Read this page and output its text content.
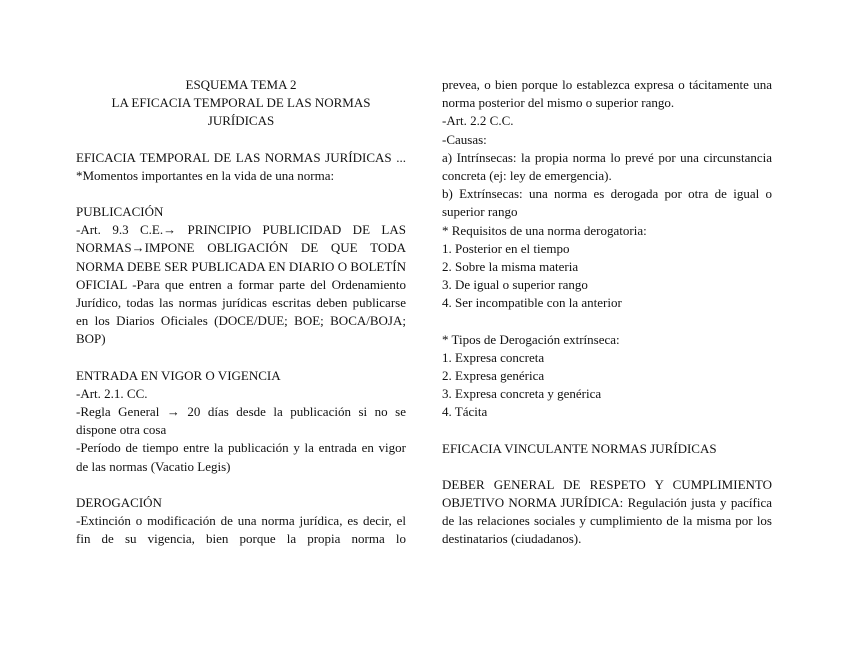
ESQUEMA TEMA 2

LA EFICACIA TEMPORAL DE LAS NORMAS

JURÍDICAS

EFICACIA TEMPORAL DE LAS NORMAS JURÍDICAS ... *Momentos importantes en la vida de una norma:

PUBLICACIÓN

-Art. 9.3 C.E.→ PRINCIPIO PUBLICIDAD DE LAS NORMAS→IMPONE OBLIGACIÓN DE QUE TODA NORMA DEBE SER PUBLICADA EN DIARIO O BOLETÍN OFICIAL -Para que entren a formar parte del Ordenamiento Jurídico, todas las normas jurídicas escritas deben publicarse en los Diarios Oficiales (DOCE/DUE; BOE; BOCA/BOJA; BOP)

ENTRADA EN VIGOR O VIGENCIA

-Art. 2.1. CC.

-Regla General → 20 días desde la publicación si no se dispone otra cosa

-Período de tiempo entre la publicación y la entrada en vigor de las normas (Vacatio Legis)

DEROGACIÓN

-Extinción o modificación de una norma jurídica, es decir, el fin de su vigencia, bien porque la propia norma lo

prevea, o bien porque lo establezca expresa o tácitamente una norma posterior del mismo o superior rango.

-Art. 2.2 C.C.

-Causas:

a) Intrínsecas: la propia norma lo prevé por una circunstancia concreta (ej: ley de emergencia).

b) Extrínsecas: una norma es derogada por otra de igual o superior rango

* Requisitos de una norma derogatoria:

1. Posterior en el tiempo

2. Sobre la misma materia

3. De igual o superior rango

4. Ser incompatible con la anterior

* Tipos de Derogación extrínseca:

1. Expresa concreta

2. Expresa genérica

3. Expresa concreta y genérica

4. Tácita

EFICACIA VINCULANTE NORMAS JURÍDICAS

DEBER GENERAL DE RESPETO Y CUMPLIMIENTO OBJETIVO NORMA JURÍDICA: Regulación justa y pacífica de las relaciones sociales y cumplimiento de la misma por los destinatarios (ciudadanos).
